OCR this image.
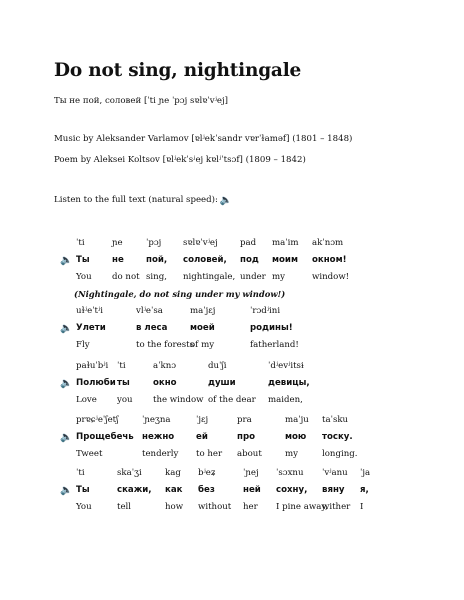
Do not sing, nightingale
Ты не пой, соловей [ˈti ɲe ˈpɔj sɐlɐˈvʲej]
Music by Aleksander Varlamov [ɐlʲekˈsandr vɐrˈɫaməf] (1801 – 1848)
Poem by Aleksei Koltsov [ɐlʲekˈsʲej kɐlʲˈtsɔf] (1809 – 1842)
Listen to the full text (natural speed): 🔈
🔈
ˈti
Ты
You
ɲe
не
do not
ˈpɔj
пой,
sing,
sɐlɐˈvʲej
соловей,
nightingale,
pad
под
under
maˈim
моим
my
akˈnɔm
окном!
window!
(Nightingale, do not sing under my window!)
🔈
uɫʲeˈtʲi
Улети
Fly
vlʲeˈsa
в леса
to the forests
maˈjɛj
моей
of my
ˈrɔdʲini
родины!
fatherland!
🔈
paɫuˈbʲi
Полюби
Love
ˈti
ты
you
aˈknɔ
окно
the window
duˈʃi
души
of the dear
ˈdʲevʲitsɨ
девицы,
maiden,
🔈
prɐɕʲeˈʃetʃ
Прощебечь
Tweet
ˈɲeʒna
нежно
tenderly
ˈjɛj
ей
to her
pra
про
about
maˈju
мою
my
taˈsku
тоску.
longing.
🔈
ˈti
Ты
You
skaˈʒi
скажи,
tell
kag
как
how
bʲeʑ
без
without
ˈɲej
ней
her
ˈsɔxnu
сохну,
I pine away,
ˈvʲanu
вяну
wither
ˈja
я,
I
